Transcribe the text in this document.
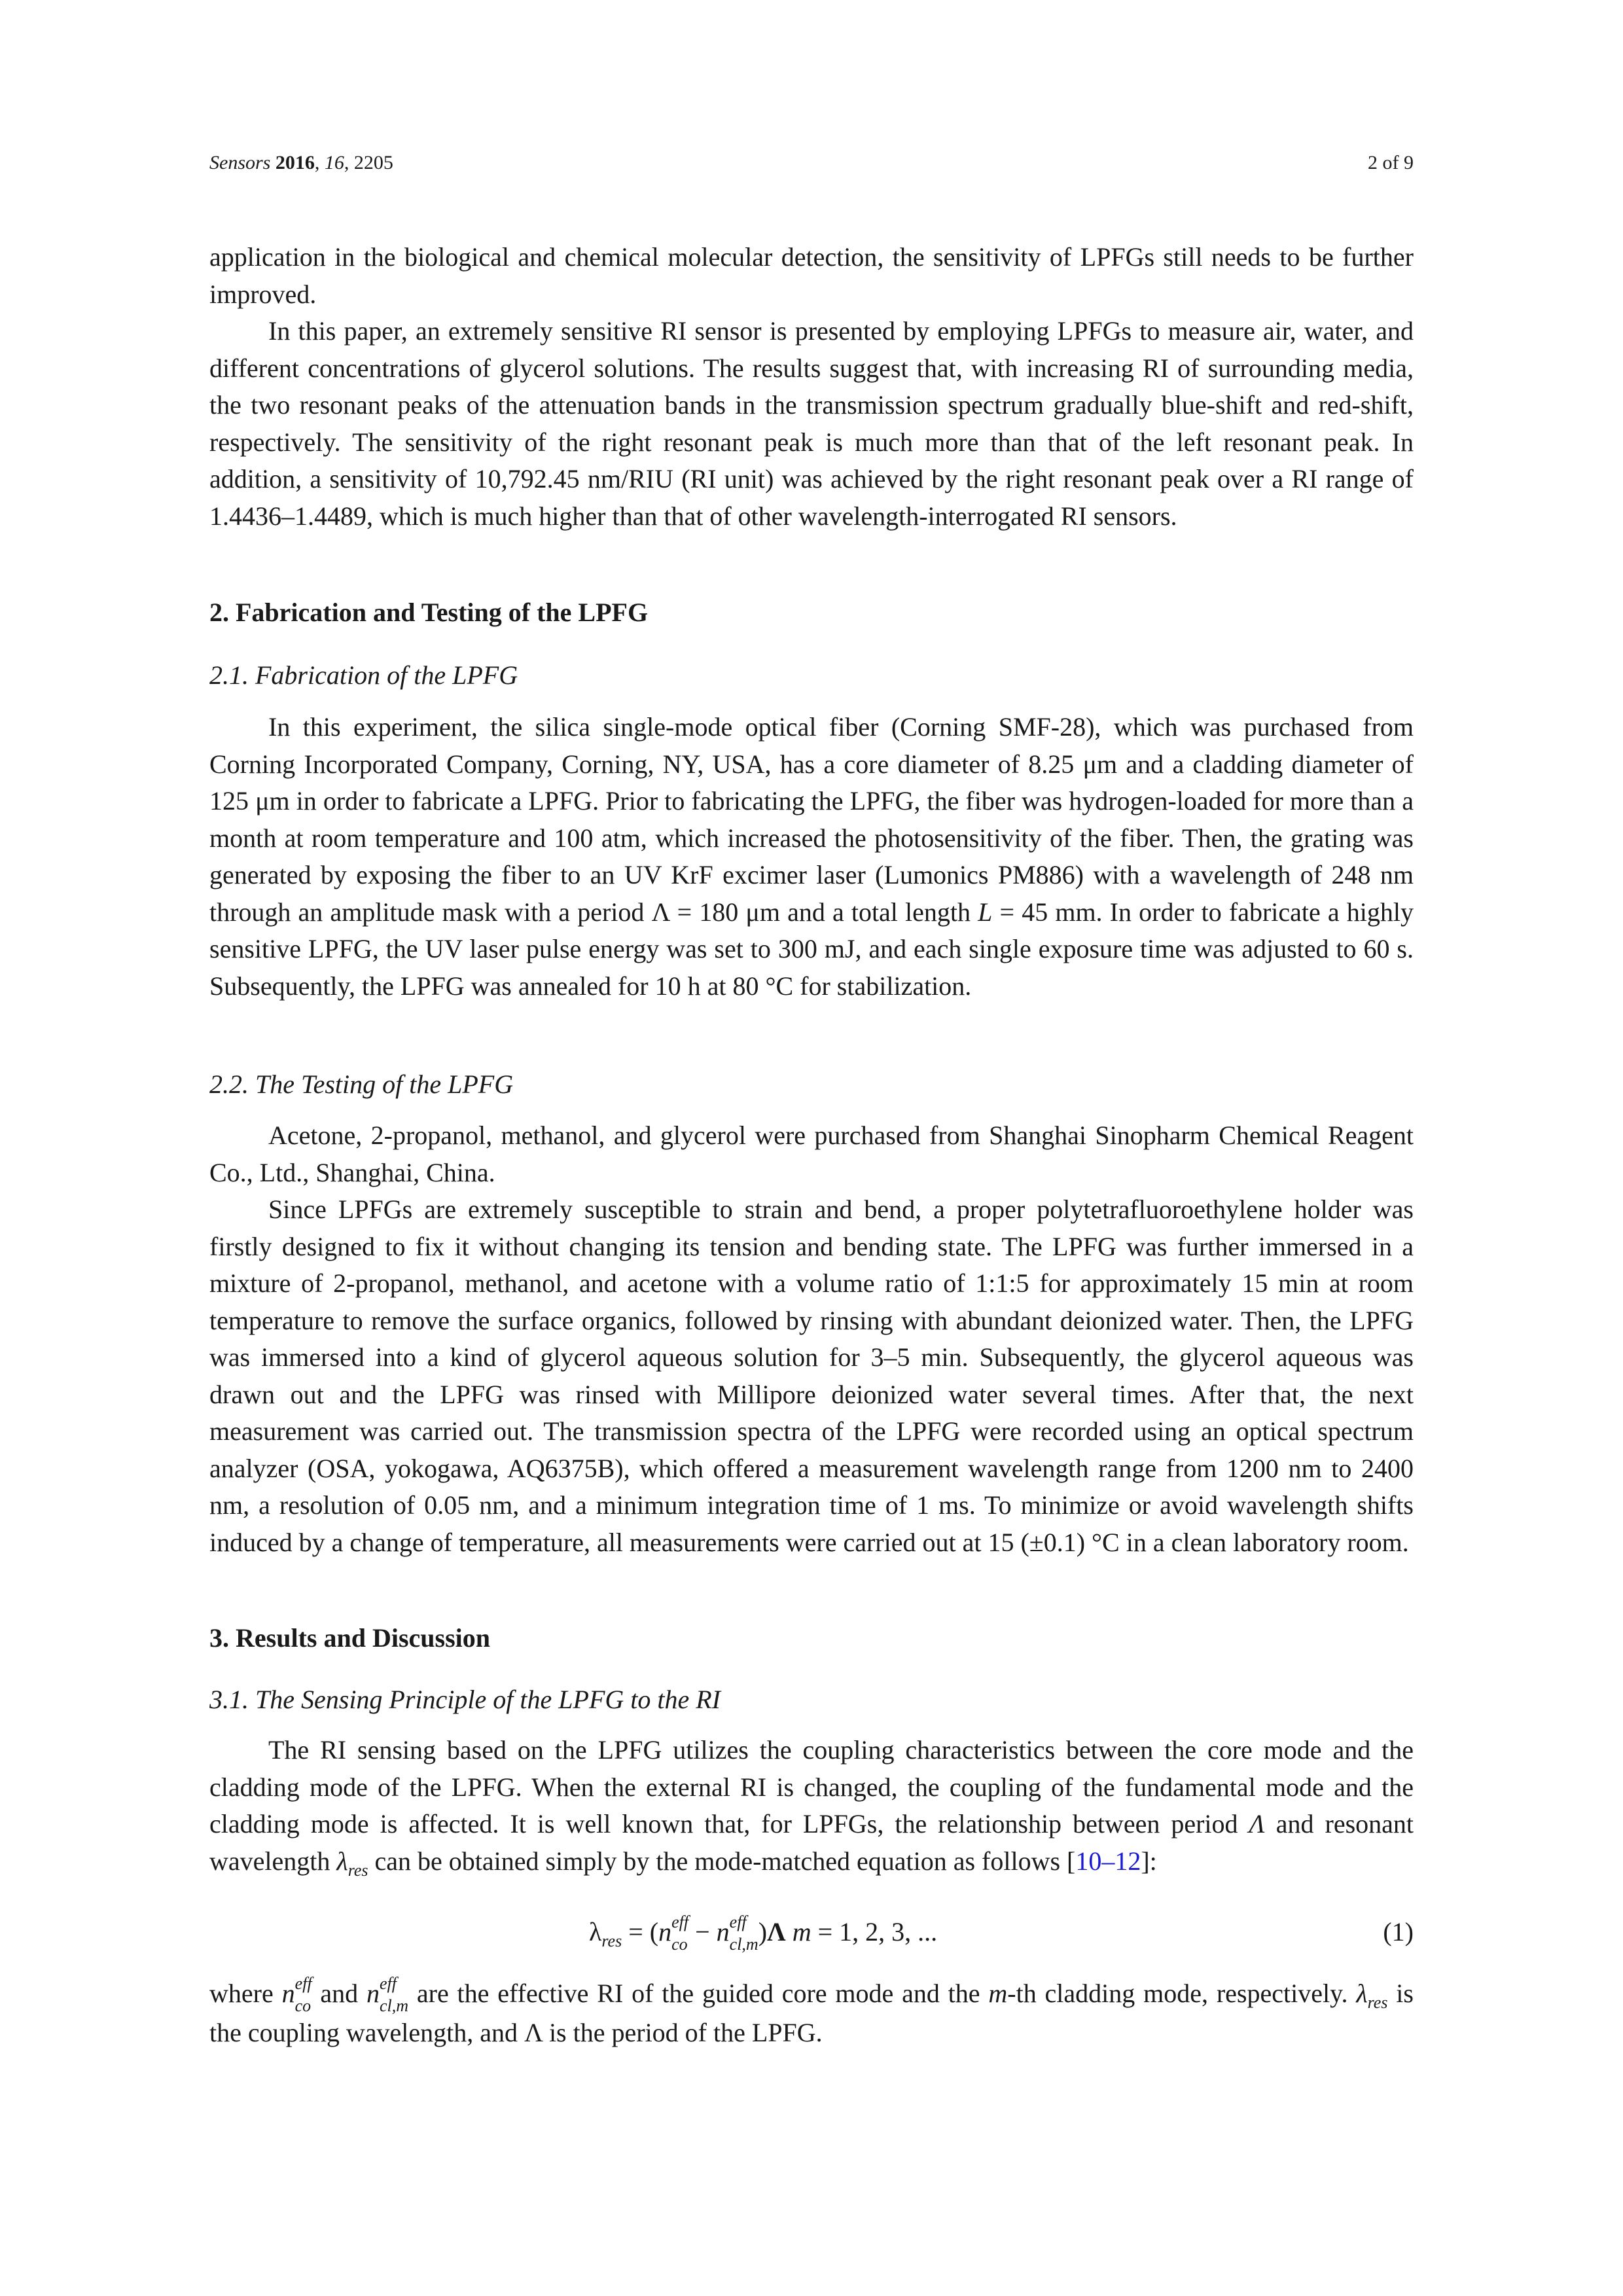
Sensors 2016, 16, 2205	2 of 9

application in the biological and chemical molecular detection, the sensitivity of LPFGs still needs to be further improved.

In this paper, an extremely sensitive RI sensor is presented by employing LPFGs to measure air, water, and different concentrations of glycerol solutions. The results suggest that, with increasing RI of surrounding media, the two resonant peaks of the attenuation bands in the transmission spectrum gradually blue-shift and red-shift, respectively. The sensitivity of the right resonant peak is much more than that of the left resonant peak. In addition, a sensitivity of 10,792.45 nm/RIU (RI unit) was achieved by the right resonant peak over a RI range of 1.4436–1.4489, which is much higher than that of other wavelength-interrogated RI sensors.

2. Fabrication and Testing of the LPFG
2.1. Fabrication of the LPFG

In this experiment, the silica single-mode optical fiber (Corning SMF-28), which was purchased from Corning Incorporated Company, Corning, NY, USA, has a core diameter of 8.25 μm and a cladding diameter of 125 μm in order to fabricate a LPFG. Prior to fabricating the LPFG, the fiber was hydrogen-loaded for more than a month at room temperature and 100 atm, which increased the photosensitivity of the fiber. Then, the grating was generated by exposing the fiber to an UV KrF excimer laser (Lumonics PM886) with a wavelength of 248 nm through an amplitude mask with a period Λ = 180 μm and a total length L = 45 mm. In order to fabricate a highly sensitive LPFG, the UV laser pulse energy was set to 300 mJ, and each single exposure time was adjusted to 60 s. Subsequently, the LPFG was annealed for 10 h at 80 °C for stabilization.

2.2. The Testing of the LPFG

Acetone, 2-propanol, methanol, and glycerol were purchased from Shanghai Sinopharm Chemical Reagent Co., Ltd., Shanghai, China.

Since LPFGs are extremely susceptible to strain and bend, a proper polytetrafluoroethylene holder was firstly designed to fix it without changing its tension and bending state. The LPFG was further immersed in a mixture of 2-propanol, methanol, and acetone with a volume ratio of 1:1:5 for approximately 15 min at room temperature to remove the surface organics, followed by rinsing with abundant deionized water. Then, the LPFG was immersed into a kind of glycerol aqueous solution for 3–5 min. Subsequently, the glycerol aqueous was drawn out and the LPFG was rinsed with Millipore deionized water several times. After that, the next measurement was carried out. The transmission spectra of the LPFG were recorded using an optical spectrum analyzer (OSA, yokogawa, AQ6375B), which offered a measurement wavelength range from 1200 nm to 2400 nm, a resolution of 0.05 nm, and a minimum integration time of 1 ms. To minimize or avoid wavelength shifts induced by a change of temperature, all measurements were carried out at 15 (±0.1) °C in a clean laboratory room.

3. Results and Discussion
3.1. The Sensing Principle of the LPFG to the RI

The RI sensing based on the LPFG utilizes the coupling characteristics between the core mode and the cladding mode of the LPFG. When the external RI is changed, the coupling of the fundamental mode and the cladding mode is affected. It is well known that, for LPFGs, the relationship between period Λ and resonant wavelength $\lambda_{res}$ can be obtained simply by the mode-matched equation as follows [10–12]:

$\lambda_{res} = (n$ eff
co − n eff
cl,m )Λ m = 1, 2, 3, ...	(1)

where n eff
co and n eff
cl,m are the effective RI of the guided core mode and the m-th cladding mode, respectively. $\lambda_{res}$ is the coupling wavelength, and Λ is the period of the LPFG.
